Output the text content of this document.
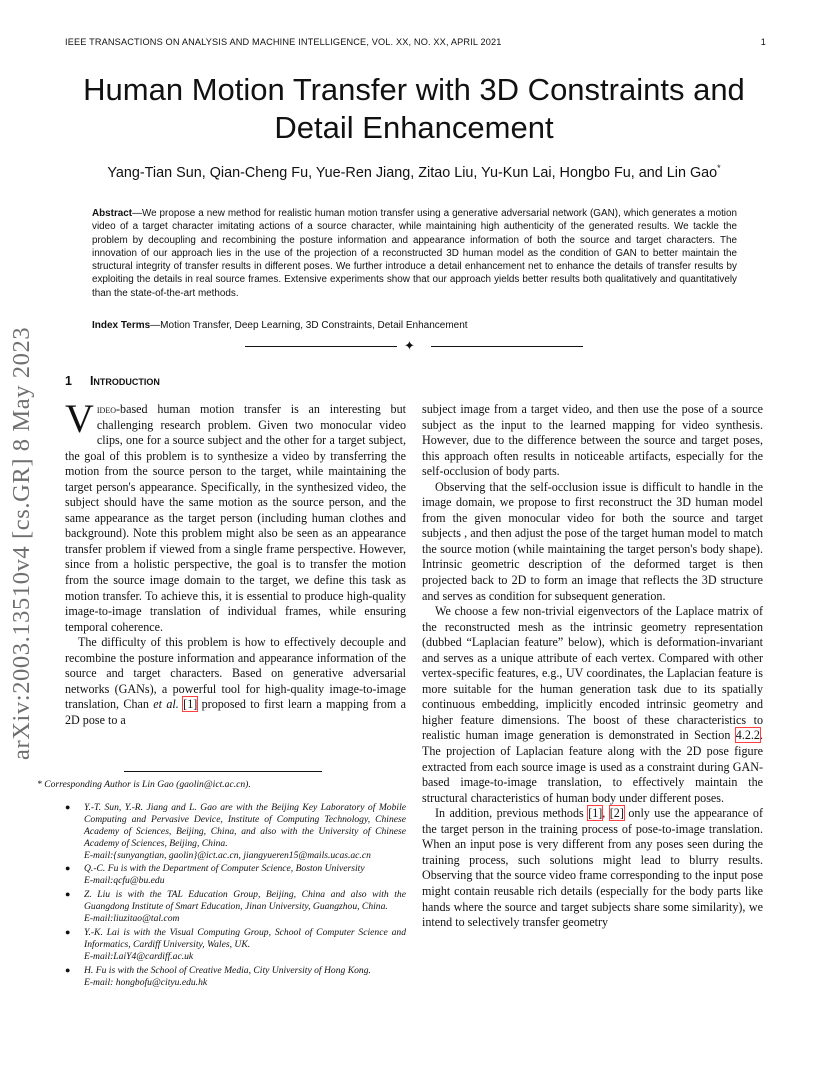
IEEE TRANSACTIONS ON ANALYSIS AND MACHINE INTELLIGENCE, VOL. XX, NO. XX, APRIL 2021	1
Human Motion Transfer with 3D Constraints and
Detail Enhancement
Yang-Tian Sun, Qian-Cheng Fu, Yue-Ren Jiang, Zitao Liu, Yu-Kun Lai, Hongbo Fu, and Lin Gao*
Abstract—We propose a new method for realistic human motion transfer using a generative adversarial network (GAN), which generates a motion video of a target character imitating actions of a source character, while maintaining high authenticity of the generated results. We tackle the problem by decoupling and recombining the posture information and appearance information of both the source and target characters. The innovation of our approach lies in the use of the projection of a reconstructed 3D human model as the condition of GAN to better maintain the structural integrity of transfer results in different poses. We further introduce a detail enhancement net to enhance the details of transfer results by exploiting the details in real source frames. Extensive experiments show that our approach yields better results both qualitatively and quantitatively than the state-of-the-art methods.
Index Terms—Motion Transfer, Deep Learning, 3D Constraints, Detail Enhancement
✦
arXiv:2003.13510v4 [cs.GR] 8 May 2023 1 Introduction

Video-based human motion transfer is an interesting but challenging research problem. Given two monocular video clips, one for a source subject and the other for a target subject, the goal of this problem is to synthesize a video by transferring the motion from the source person to the target, while maintaining the target person's appearance. Specifically, in the synthesized video, the subject should have the same motion as the source person, and the same appearance as the target person (including human clothes and background). Note this problem might also be seen as an appearance transfer problem if viewed from a single frame perspective. However, since from a holistic perspective, the goal is to transfer the motion from the source image domain to the target, we define this task as motion transfer. To achieve this, it is essential to produce high-quality image-to-image translation of individual frames, while ensuring temporal coherence.

The difficulty of this problem is how to effectively decouple and recombine the posture information and appearance information of the source and target characters. Based on generative adversarial networks (GANs), a powerful tool for high-quality image-to-image translation, Chan et al. [1] proposed to first learn a mapping from a 2D pose to a

subject image from a target video, and then use the pose of a source subject as the input to the learned mapping for video synthesis. However, due to the difference between the source and target poses, this approach often results in noticeable artifacts, especially for the self-occlusion of body parts.

Observing that the self-occlusion issue is difficult to handle in the image domain, we propose to first reconstruct the 3D human model from the given monocular video for both the source and target subjects , and then adjust the pose of the target human model to match the source motion (while maintaining the target person's body shape). Intrinsic geometric description of the deformed target is then projected back to 2D to form an image that reflects the 3D structure and serves as condition for subsequent generation.

We choose a few non-trivial eigenvectors of the Laplace matrix of the reconstructed mesh as the intrinsic geometry representation (dubbed “Laplacian feature” below), which is deformation-invariant and serves as a unique attribute of each vertex. Compared with other vertex-specific features, e.g., UV coordinates, the Laplacian feature is more suitable for the human generation task due to its spatially continuous embedding, implicitly encoded intrinsic geometry and higher feature dimensions. The boost of these characteristics to realistic human image generation is demonstrated in Section 4.2.2. The projection of Laplacian feature along with the 2D pose figure extracted from each source image is used as a constraint during GAN-based image-to-image translation, to effectively maintain the structural characteristics of human body under different poses.

In addition, previous methods [1], [2] only use the appearance of the target person in the training process of pose-to-image translation. When an input pose is very different from any poses seen during the training process, such solutions might lead to blurry results. Observing that the source video frame corresponding to the input pose might contain reusable rich details (especially for the body parts like hands where the source and target subjects share some similarity), we intend to selectively transfer geometry

* Corresponding Author is Lin Gao (gaolin@ict.ac.cn).
● Y.-T. Sun, Y.-R. Jiang and L. Gao are with the Beijing Key Laboratory of Mobile Computing and Pervasive Device, Institute of Computing Technology, Chinese Academy of Sciences, Beijing, China, and also with the University of Chinese Academy of Sciences, Beijing, China.
E-mail:{sunyangtian, gaolin}@ict.ac.cn, jiangyueren15@mails.ucas.ac.cn
● Q.-C. Fu is with the Department of Computer Science, Boston University
E-mail:qcfu@bu.edu
● Z. Liu is with the TAL Education Group, Beijing, China and also with the Guangdong Institute of Smart Education, Jinan University, Guangzhou, China.
E-mail:liuzitao@tal.com
● Y.-K. Lai is with the Visual Computing Group, School of Computer Science and Informatics, Cardiff University, Wales, UK.
E-mail:LaiY4@cardiff.ac.uk
● H. Fu is with the School of Creative Media, City University of Hong Kong.
E-mail: hongbofu@cityu.edu.hk
